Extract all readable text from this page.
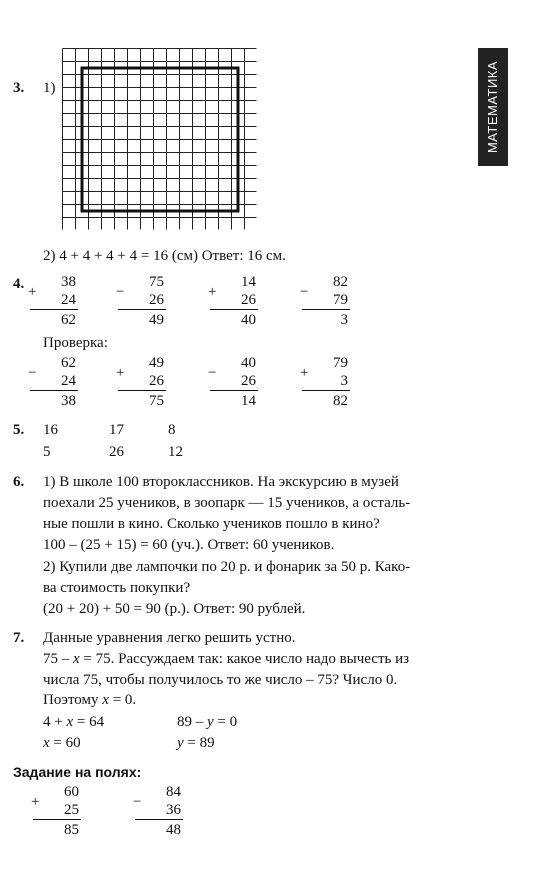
МАТЕМАТИКА
3. 1)
2) 4 + 4 + 4 + 4 = 16 (см) Ответ: 16 см.
4. 38
+ 24
62
75
− 26
49
14
+ 26
40
82
− 79
3
Проверка:
62
− 24
38
49
+ 26
75
40
− 26
14
79
+ 3
82
5. 16	17	8
5	26	12
6. 1) В школе 100 второклассников. На экскурсию в музей
поехали 25 учеников, в зоопарк — 15 учеников, а осталь-
ные пошли в кино. Сколько учеников пошло в кино?
100 – (25 + 15) = 60 (уч.). Ответ: 60 учеников.
2) Купили две лампочки по 20 р. и фонарик за 50 р. Како-
ва стоимость покупки?
(20 + 20) + 50 = 90 (р.). Ответ: 90 рублей.
7. Данные уравнения легко решить устно.
75 – x = 75. Рассуждаем так: какое число надо вычесть из
числа 75, чтобы получилось то же число – 75? Число 0.
Поэтому x = 0.
4 + x = 64	89 – y = 0
x = 60	y = 89
Задание на полях:
60
+ 25
85
84
− 36
48
